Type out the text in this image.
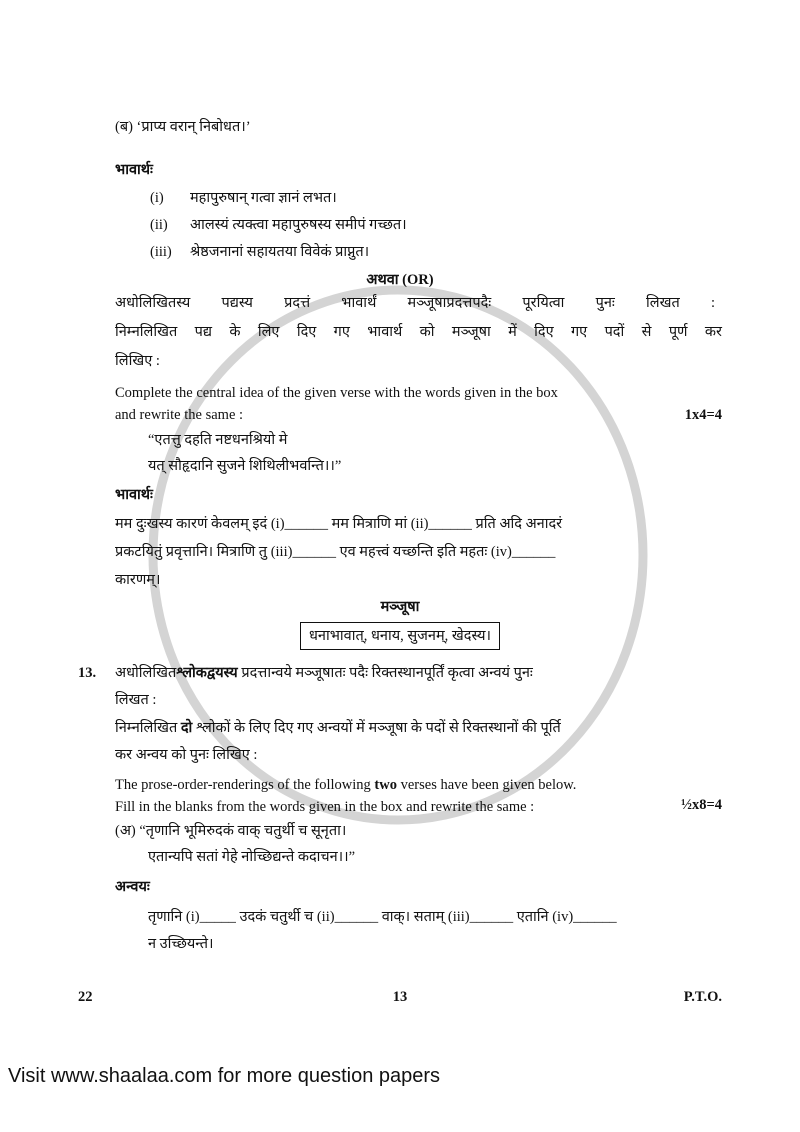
(ब) ‘प्राप्य वरान् निबोधत।’
भावार्थः
(i) महापुरुषान् गत्वा ज्ञानं लभत।
(ii) आलस्यं त्यक्त्वा महापुरुषस्य समीपं गच्छत।
(iii) श्रेष्ठजनानां सहायतया विवेकं प्राप्नुत।
अथवा (OR)
अधोलिखितस्य पद्यस्य प्रदत्तं भावार्थं मञ्जूषाप्रदत्तपदैः पूरयित्वा पुनः लिखत :
निम्नलिखित पद्य के लिए दिए गए भावार्थ को मञ्जूषा में दिए गए पदों से पूर्ण कर
लिखिए :
Complete the central idea of the given verse with the words given in the box
and rewrite the same :	1x4=4
“एतत्तु दहति नष्टधनश्रियो मे
यत् सौहृदानि सुजने शिथिलीभवन्ति।।”
भावार्थः
मम दुःखस्य कारणं केवलम् इदं (i)______ मम मित्राणि मां (ii)______ प्रति अदि अनादरं
प्रकटयितुं प्रवृत्तानि। मित्राणि तु (iii)______ एव महत्त्वं यच्छन्ति इति महतः (iv)______
कारणम्।
मञ्जूषा
धनाभावात्, धनाय, सुजनम्, खेदस्य।
13. अधोलिखितश्लोकद्वयस्य प्रदत्तान्वये मञ्जूषातः पदैः रिक्तस्थानपूर्तिं कृत्वा अन्वयं पुनः
लिखत :
निम्नलिखित दो श्लोकों के लिए दिए गए अन्वयों में मञ्जूषा के पदों से रिक्तस्थानों की पूर्ति
कर अन्वय को पुनः लिखिए :
The prose-order-renderings of the following two verses have been given below.
Fill in the blanks from the words given in the box and rewrite the same :	½x8=4
(अ) “तृणानि भूमिरुदकं वाक् चतुर्थी च सूनृता।
एतान्यपि सतां गेहे नोच्छिद्यन्ते कदाचन।।”
अन्वयः
तृणानि (i)_____ उदकं चतुर्थी च (ii)______ वाक्। सताम् (iii)______ एतानि (iv)______
न उच्छियन्ते।
22	13	P.T.O.
Visit www.shaalaa.com for more question papers
